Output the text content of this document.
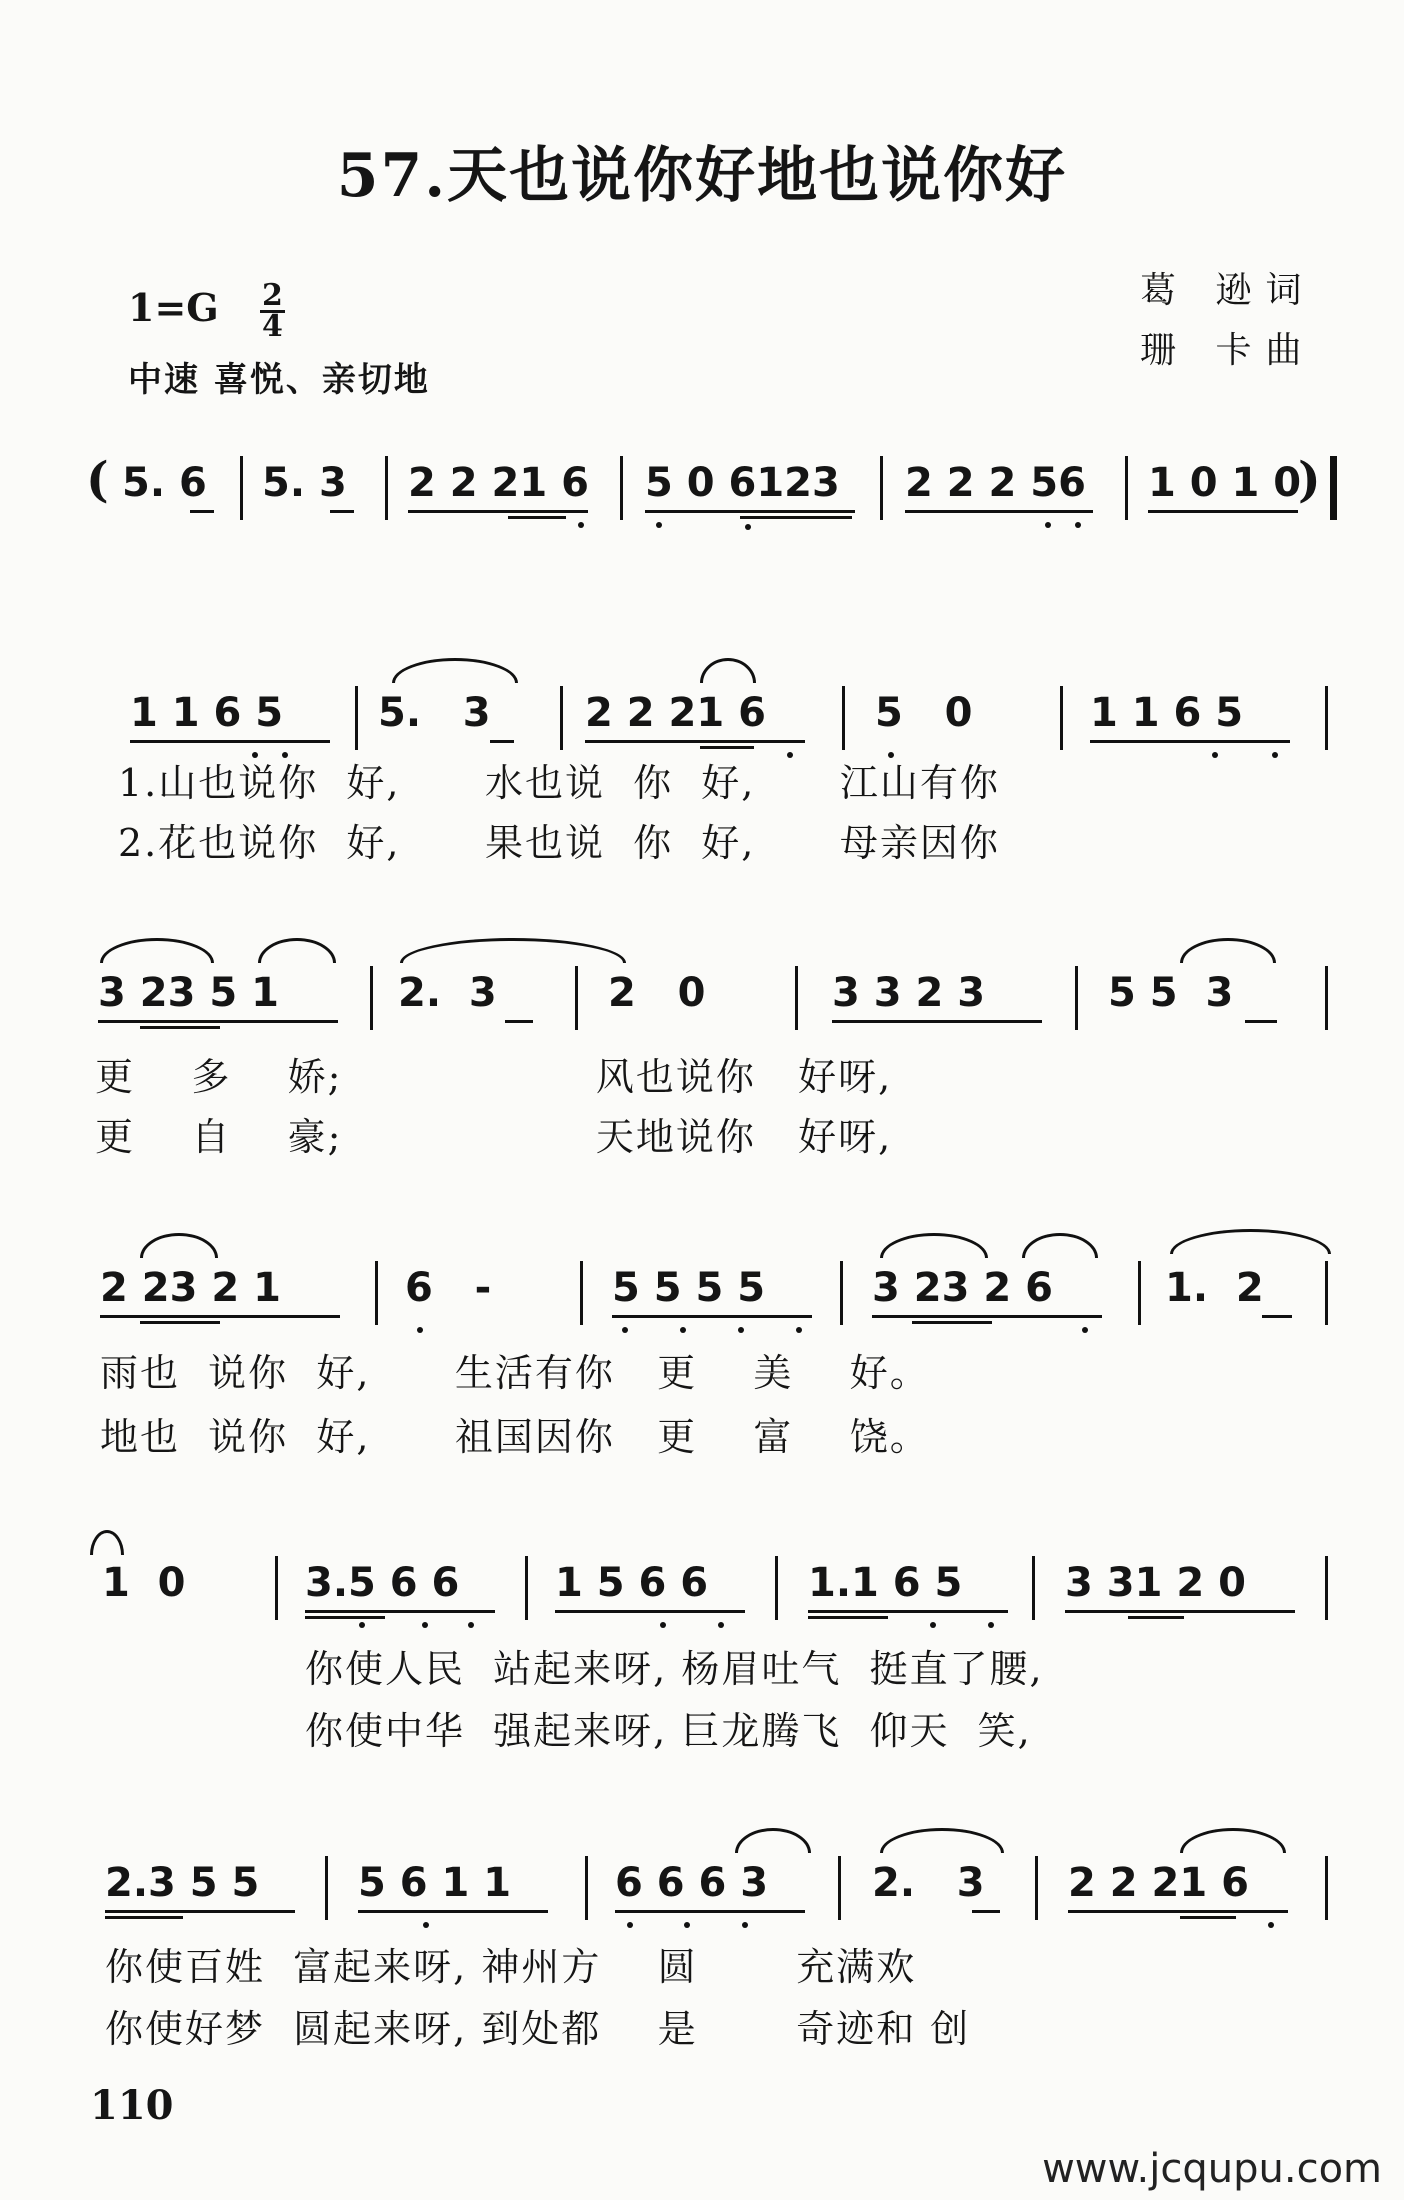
57.天也说你好地也说你好
$1=G \frac{2}{4}$
中速 喜悦、亲切地
葛 逊词
珊 卡曲
( 5. 6 5. 3 2 2 21 6 5 0 6123 2 2 2 56 1 0 1 0
)
1 1 6 5 5.   3 2 2 21 6	5   0	1 1 6 5
1.山也说你  好,      水也说  你  好,      江山有你
2.花也说你  好,      果也说  你  好,      母亲因你
3 23 5 1	2.  3	2   0	3 3 2 3	5 5  3
更    多    娇;                  风也说你   好呀,
更    自    豪;                  天地说你   好呀,
2 23 2 1	6   -	5 5 5 5	3 23 2 6	1.  2
雨也  说你  好,      生活有你   更    美    好。
地也  说你  好,      祖国因你   更    富    饶。
1  0	3.5 6 6 1 5 6 6 1.1 6 5	3 31 2 0
你使人民  站起来呀, 杨眉吐气  挺直了腰,
你使中华  强起来呀, 巨龙腾飞  仰天  笑,
2.3 5 5 5 6 1 1	6 6 6 3	2.   3 2 2 21 6
你使百姓  富起来呀, 神州方    圆       充满欢
你使好梦  圆起来呀, 到处都    是       奇迹和 创
110
www.jcqupu.com
